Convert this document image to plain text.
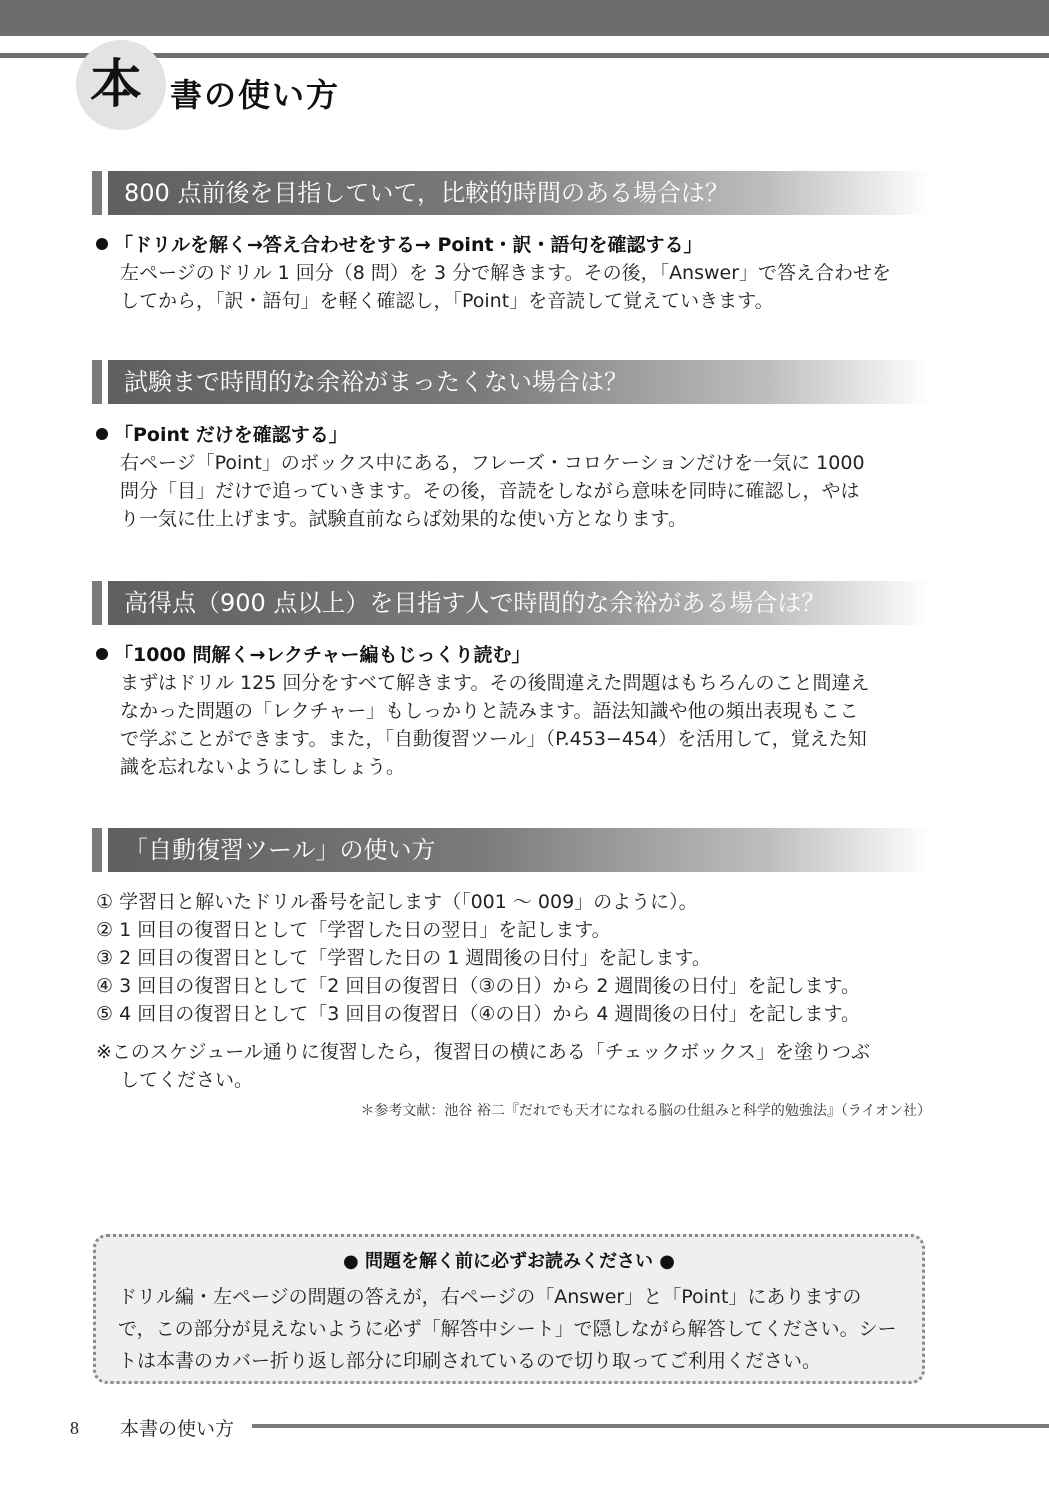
本 書の使い方
800 点前後を目指していて，比較的時間のある場合は？
「ドリルを解く→答え合わせをする→ Point・訳・語句を確認する」
左ページのドリル 1 回分（8 問）を 3 分で解きます。その後，「Answer」で答え合わせを
してから，「訳・語句」を軽く確認し，「Point」を音読して覚えていきます。
試験まで時間的な余裕がまったくない場合は？
「Point だけを確認する」
右ページ「Point」のボックス中にある，フレーズ・コロケーションだけを一気に 1000
問分「目」だけで追っていきます。その後，音読をしながら意味を同時に確認し，やは
り一気に仕上げます。試験直前ならば効果的な使い方となります。
高得点（900 点以上）を目指す人で時間的な余裕がある場合は？
「1000 問解く→レクチャー編もじっくり読む」
まずはドリル 125 回分をすべて解きます。その後間違えた問題はもちろんのこと間違え
なかった問題の「レクチャー」もしっかりと読みます。語法知識や他の頻出表現もここ
で学ぶことができます。また，「自動復習ツール」（P.453−454）を活用して，覚えた知
識を忘れないようにしましょう。
「自動復習ツール」の使い方
① 学習日と解いたドリル番号を記します（「001 ～ 009」のように）。
② 1 回目の復習日として「学習した日の翌日」を記します。
③ 2 回目の復習日として「学習した日の 1 週間後の日付」を記します。
④ 3 回目の復習日として「2 回目の復習日（③の日）から 2 週間後の日付」を記します。
⑤ 4 回目の復習日として「3 回目の復習日（④の日）から 4 週間後の日付」を記します。
※このスケジュール通りに復習したら，復習日の横にある「チェックボックス」を塗りつぶ
してください。
＊参考文献：池谷 裕二『だれでも天才になれる脳の仕組みと科学的勉強法』（ライオン社）
● 問題を解く前に必ずお読みください ●
ドリル編・左ページの問題の答えが，右ページの「Answer」と「Point」にありますの
で，この部分が見えないように必ず「解答中シート」で隠しながら解答してください。シー
トは本書のカバー折り返し部分に印刷されているので切り取ってご利用ください。
8 本書の使い方
